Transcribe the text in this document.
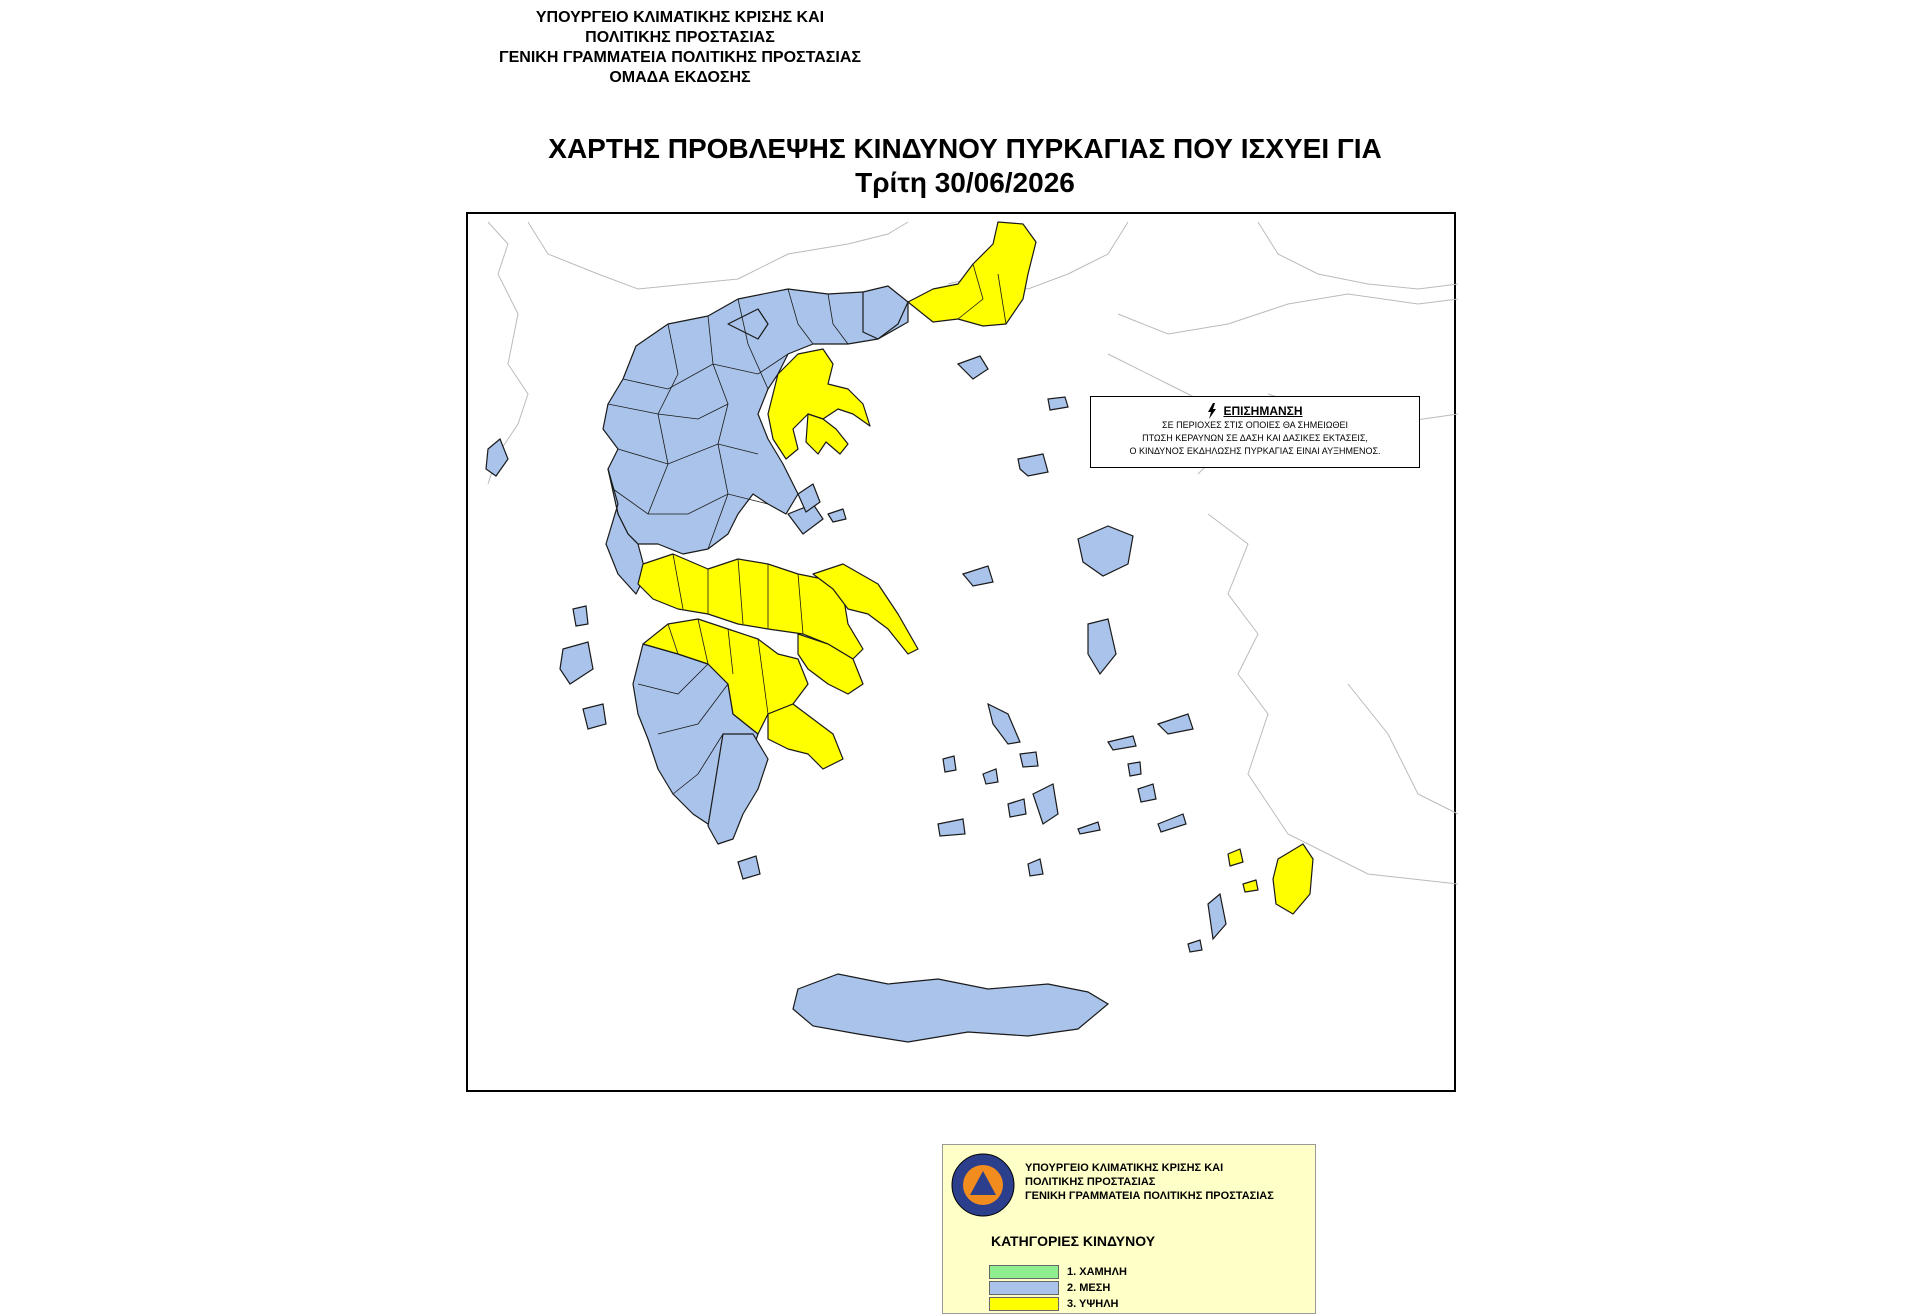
ΥΠΟΥΡΓΕΙΟ ΚΛΙΜΑΤΙΚΗΣ ΚΡΙΣΗΣ ΚΑΙ
ΠΟΛΙΤΙΚΗΣ ΠΡΟΣΤΑΣΙΑΣ
ΓΕΝΙΚΗ ΓΡΑΜΜΑΤΕΙΑ ΠΟΛΙΤΙΚΗΣ ΠΡΟΣΤΑΣΙΑΣ
ΟΜΑΔΑ ΕΚΔΟΣΗΣ
ΧΑΡΤΗΣ ΠΡΟΒΛΕΨΗΣ ΚΙΝΔΥΝΟΥ ΠΥΡΚΑΓΙΑΣ ΠΟΥ ΙΣΧΥΕΙ ΓΙΑ
Τρίτη 30/06/2026
ΥΠΟΥΡΓΕΙΟ ΚΛΙΜΑΤΙΚΗΣ ΚΡΙΣΗΣ ΚΑΙ
ΠΟΛΙΤΙΚΗΣ ΠΡΟΣΤΑΣΙΑΣ
ΓΕΝΙΚΗ ΓΡΑΜΜΑΤΕΙΑ ΠΟΛΙΤΙΚΗΣ ΠΡΟΣΤΑΣΙΑΣ
ΚΑΤΗΓΟΡΙΕΣ ΚΙΝΔΥΝΟΥ
1. ΧΑΜΗΛΗ
2. ΜΕΣΗ
3. ΥΨΗΛΗ
ΕΠΙΣΗΜΑΝΣΗ
ΣΕ ΠΕΡΙΟΧΕΣ ΣΤΙΣ ΟΠΟΙΕΣ ΘΑ ΣΗΜΕΙΩΘΕΙ
ΠΤΩΣΗ ΚΕΡΑΥΝΩΝ ΣΕ ΔΑΣΗ ΚΑΙ ΔΑΣΙΚΕΣ ΕΚΤΑΣΕΙΣ,
Ο ΚΙΝΔΥΝΟΣ ΕΚΔΗΛΩΣΗΣ ΠΥΡΚΑΓΙΑΣ ΕΙΝΑΙ ΑΥΞΗΜΕΝΟΣ.
